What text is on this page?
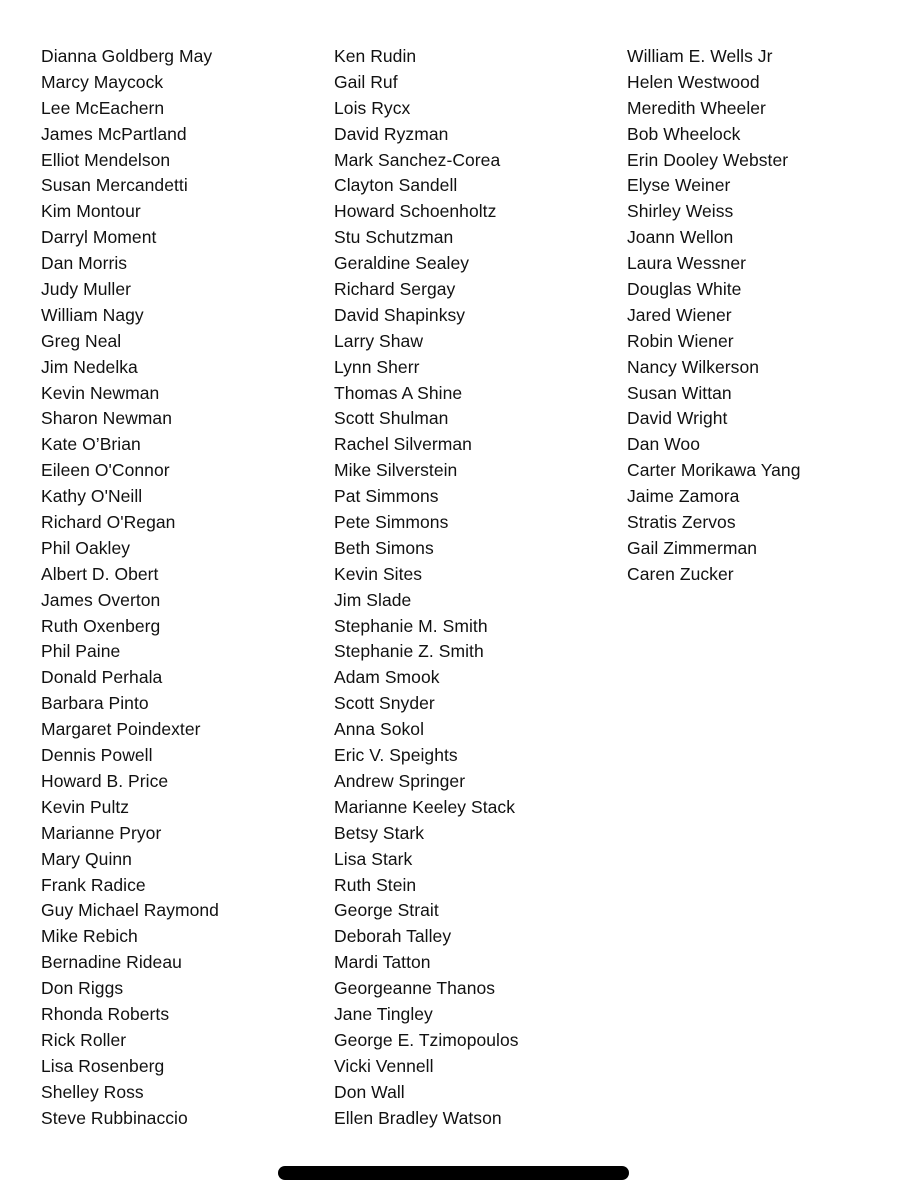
Dianna Goldberg May
Marcy Maycock
Lee McEachern
James McPartland
Elliot Mendelson
Susan Mercandetti
Kim Montour
Darryl Moment
Dan Morris
Judy Muller
William Nagy
Greg Neal
Jim Nedelka
Kevin Newman
Sharon Newman
Kate O’Brian
Eileen O'Connor
Kathy O'Neill
Richard O'Regan
Phil Oakley
Albert D. Obert
James Overton
Ruth Oxenberg
Phil Paine
Donald Perhala
Barbara Pinto
Margaret Poindexter
Dennis Powell
Howard B. Price
Kevin Pultz
Marianne Pryor
Mary Quinn
Frank Radice
Guy Michael Raymond
Mike Rebich
Bernadine Rideau
Don Riggs
Rhonda Roberts
Rick Roller
Lisa Rosenberg
Shelley Ross
Steve Rubbinaccio
Ken Rudin
Gail Ruf
Lois Rycx
David Ryzman
Mark Sanchez-Corea
Clayton Sandell
Howard Schoenholtz
Stu Schutzman
Geraldine Sealey
Richard Sergay
David Shapinksy
Larry Shaw
Lynn Sherr
Thomas A Shine
Scott Shulman
Rachel Silverman
Mike Silverstein
Pat Simmons
Pete Simmons
Beth Simons
Kevin Sites
Jim Slade
Stephanie M. Smith
Stephanie Z. Smith
Adam Smook
Scott Snyder
Anna Sokol
Eric V. Speights
Andrew Springer
Marianne Keeley Stack
Betsy Stark
Lisa Stark
Ruth Stein
George Strait
Deborah Talley
Mardi Tatton
Georgeanne Thanos
Jane Tingley
George E. Tzimopoulos
Vicki Vennell
Don Wall
Ellen Bradley Watson
William E. Wells Jr
Helen Westwood
Meredith Wheeler
Bob Wheelock
Erin Dooley Webster
Elyse Weiner
Shirley Weiss
Joann Wellon
Laura Wessner
Douglas White
Jared Wiener
Robin Wiener
Nancy Wilkerson
Susan Wittan
David Wright
Dan Woo
Carter Morikawa Yang
Jaime Zamora
Stratis Zervos
Gail Zimmerman
Caren Zucker
